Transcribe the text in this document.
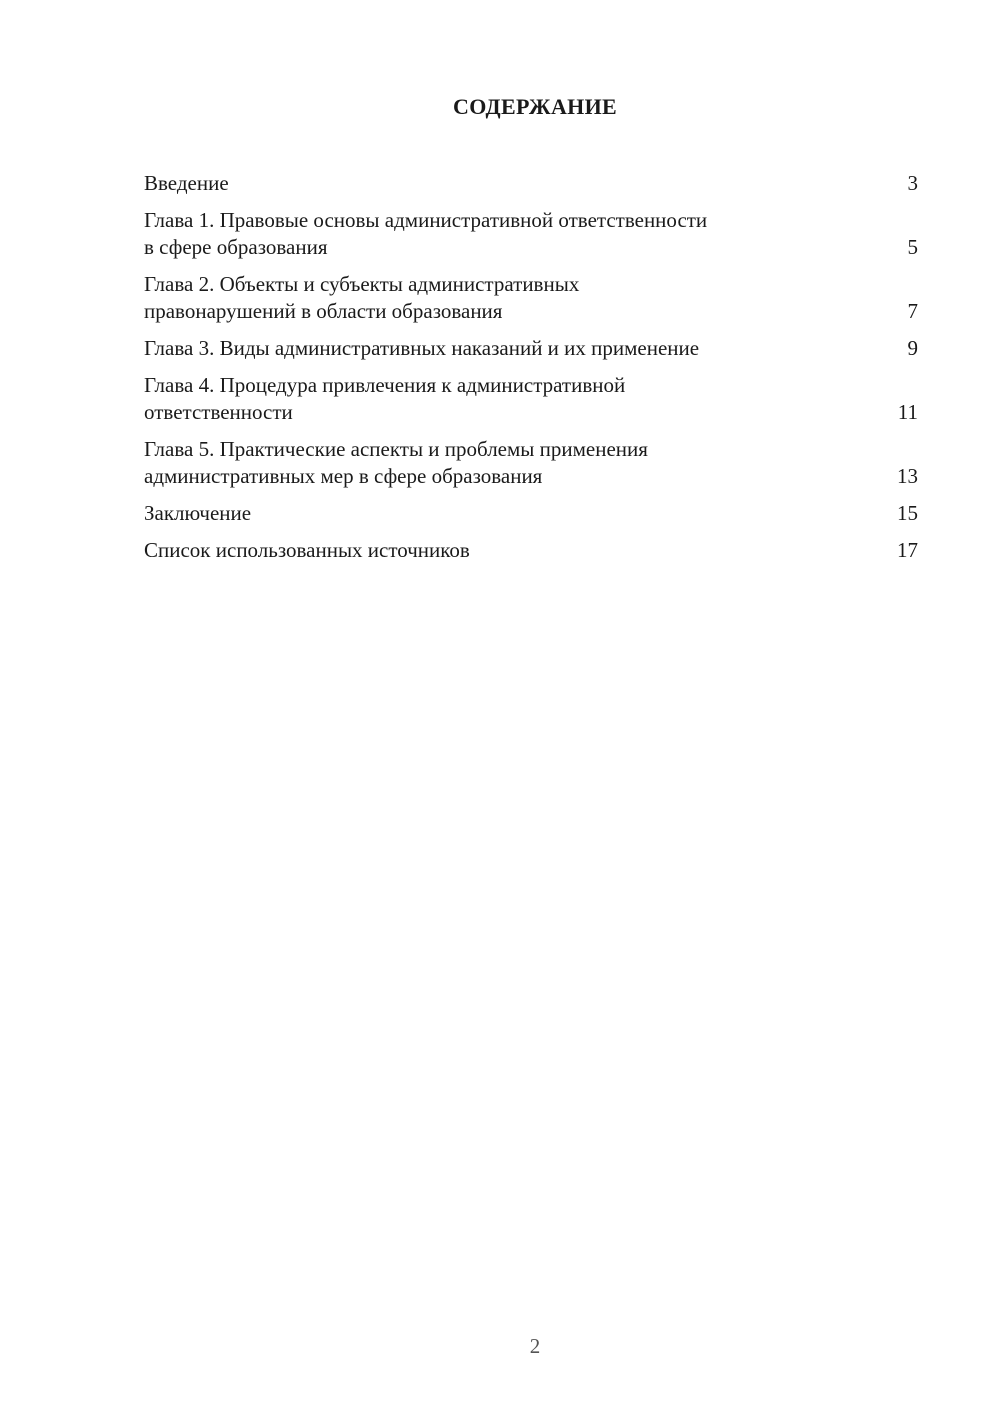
СОДЕРЖАНИЕ
Введение	3
Глава 1. Правовые основы административной ответственности
в сфере образования	5
Глава 2. Объекты и субъекты административных
правонарушений в области образования	7
Глава 3. Виды административных наказаний и их применение	9
Глава 4. Процедура привлечения к административной
ответственности	11
Глава 5. Практические аспекты и проблемы применения
административных мер в сфере образования	13
Заключение	15
Список использованных источников	17
2
